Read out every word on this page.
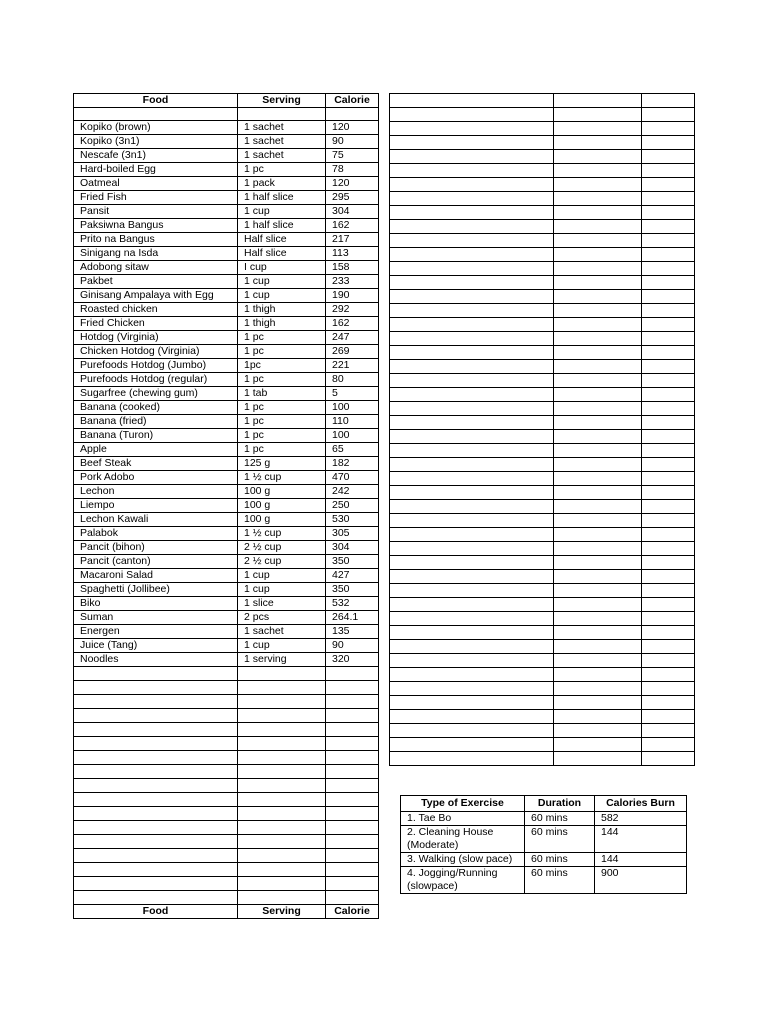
Food	Serving	Calorie

Kopiko (brown)	1 sachet	120
Kopiko (3n1)	1 sachet	90
Nescafe (3n1)	1 sachet	75
Hard-boiled Egg	1 pc	78
Oatmeal	1 pack	120
Fried Fish	1 half slice	295
Pansit	1 cup	304
Paksiwna Bangus	1 half slice	162
Prito na Bangus	Half slice	217
Sinigang na Isda	Half slice	113
Adobong sitaw	I cup	158
Pakbet	1 cup	233
Ginisang Ampalaya with Egg	1 cup	190
Roasted chicken	1 thigh	292
Fried Chicken	1 thigh	162
Hotdog (Virginia)	1 pc	247
Chicken Hotdog (Virginia)	1 pc	269
Purefoods Hotdog (Jumbo)	1pc	221
Purefoods Hotdog (regular)	1 pc	80
Sugarfree (chewing gum)	1 tab	5
Banana (cooked)	1 pc	100
Banana (fried)	1 pc	110
Banana (Turon)	1 pc	100
Apple	1 pc	65
Beef Steak	125 g	182
Pork Adobo	1 ½ cup	470
Lechon	100 g	242
Liempo	100 g	250
Lechon Kawali	100 g	530
Palabok	1 ½ cup	305
Pancit (bihon)	2 ½ cup	304
Pancit (canton)	2 ½ cup	350
Macaroni Salad	1 cup	427
Spaghetti (Jollibee)	1 cup	350
Biko	1 slice	532
Suman	2 pcs	264.1
Energen	1 sachet	135
Juice (Tang)	1 cup	90
Noodles	1 serving	320

Food	Serving	Calorie

Type of Exercise	Duration	Calories Burn
1. Tae Bo	60 mins	582
2. Cleaning House (Moderate)	60 mins	144
3. Walking (slow pace)	60 mins	144
4. Jogging/Running (slowpace)	60 mins	900
